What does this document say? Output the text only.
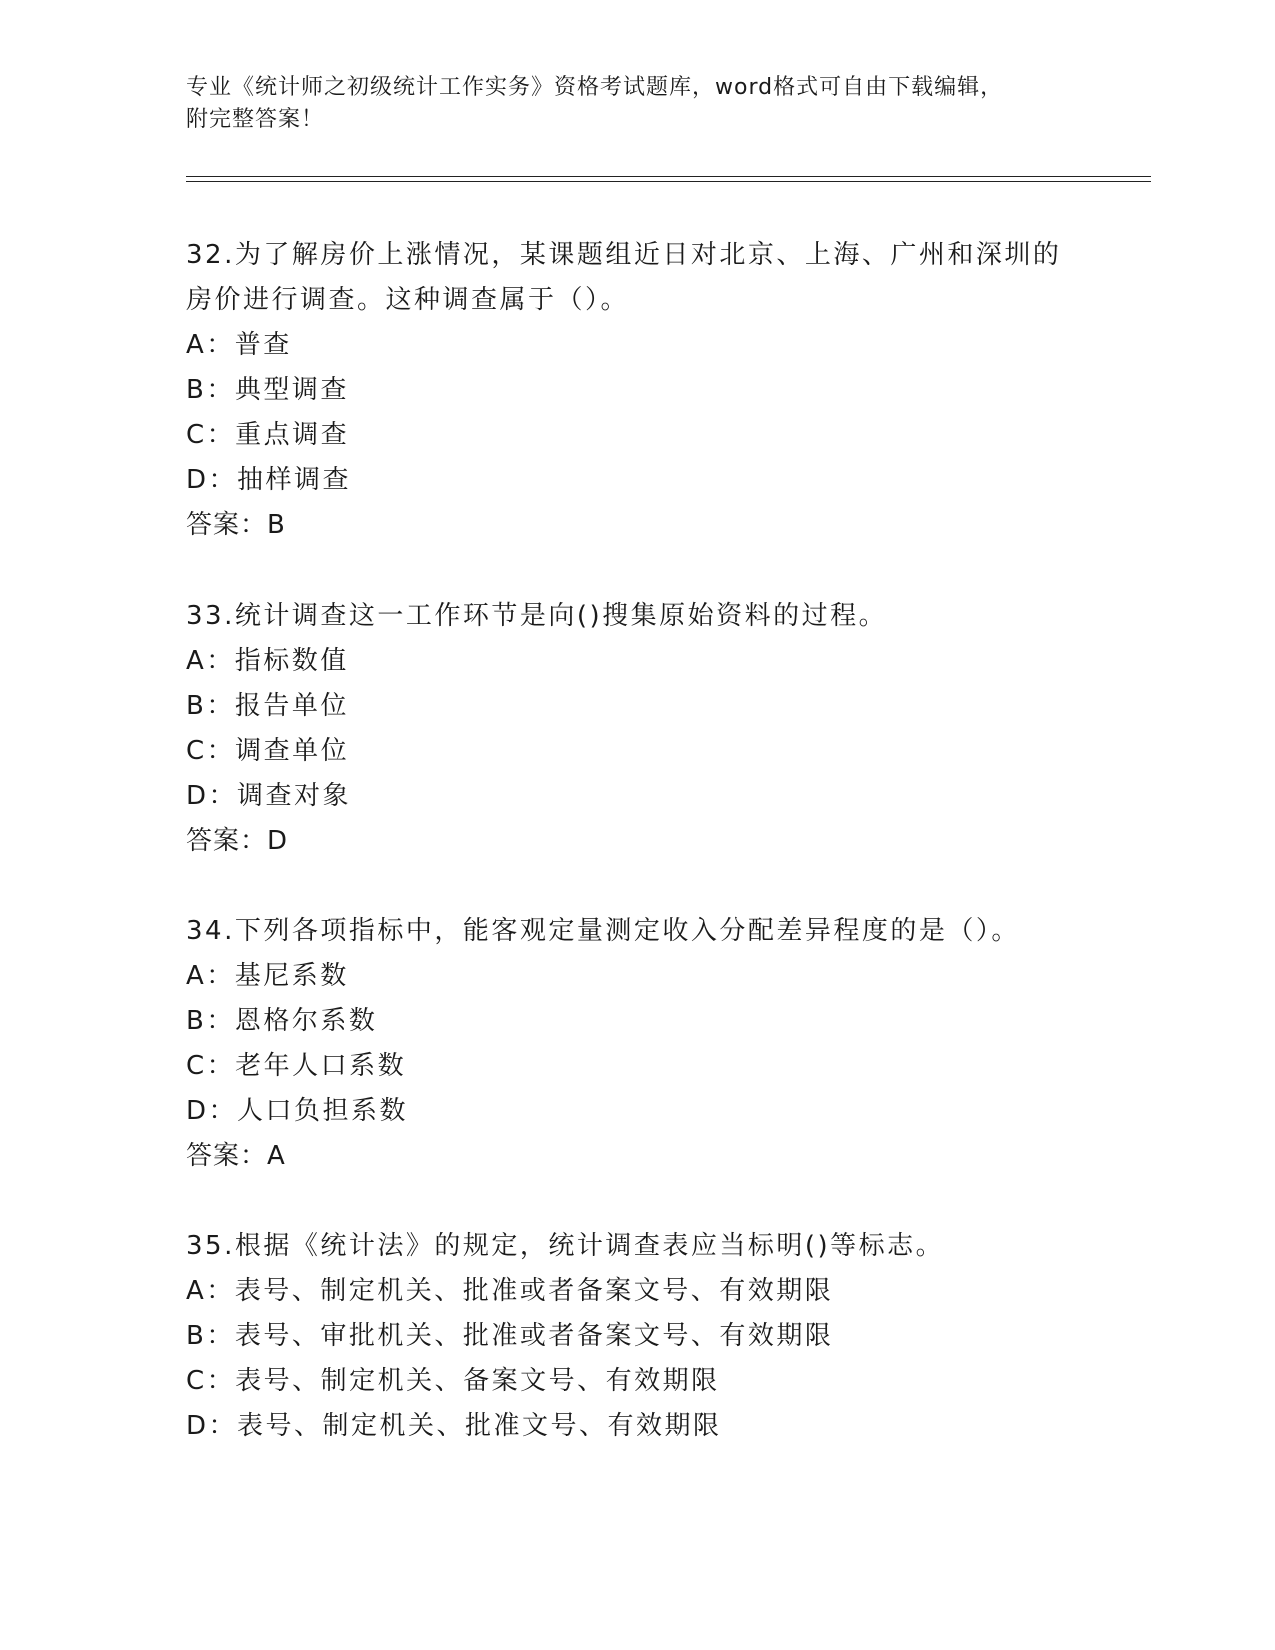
专业《统计师之初级统计工作实务》资格考试题库，word格式可自由下载编辑，
附完整答案！
32.为了解房价上涨情况，某课题组近日对北京、上海、广州和深圳的
房价进行调查。这种调查属于（）。
A：普查
B：典型调查
C：重点调查
D：抽样调查
答案：B
33.统计调查这一工作环节是向()搜集原始资料的过程。
A：指标数值
B：报告单位
C：调查单位
D：调查对象
答案：D
34.下列各项指标中，能客观定量测定收入分配差异程度的是（）。
A：基尼系数
B：恩格尔系数
C：老年人口系数
D：人口负担系数
答案：A
35.根据《统计法》的规定，统计调查表应当标明()等标志。
A：表号、制定机关、批准或者备案文号、有效期限
B：表号、审批机关、批准或者备案文号、有效期限
C：表号、制定机关、备案文号、有效期限
D：表号、制定机关、批准文号、有效期限
